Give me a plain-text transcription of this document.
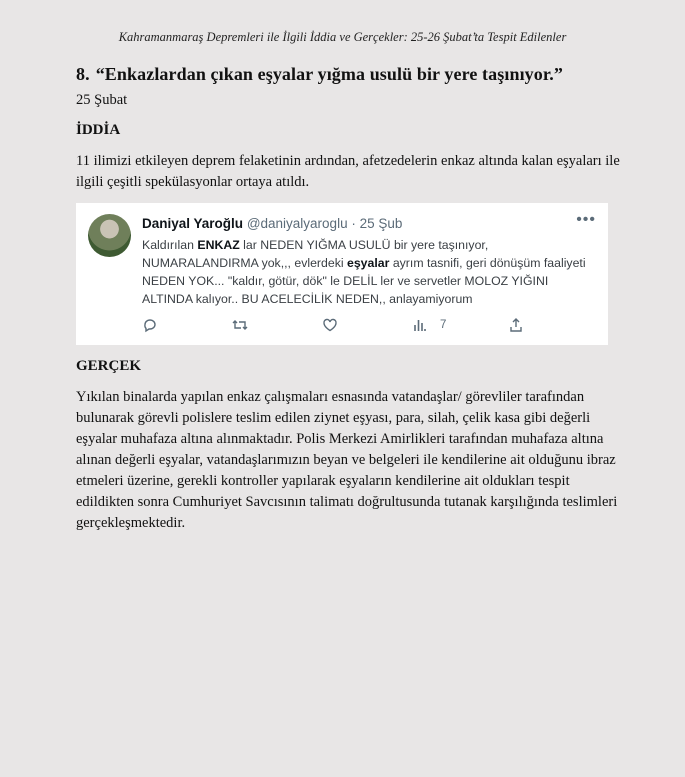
Kahramanmaraş Depremleri ile İlgili İddia ve Gerçekler: 25-26 Şubat’ta Tespit Edilenler
8. “Enkazlardan çıkan eşyalar yığma usulü bir yere taşınıyor.”
25 Şubat
İDDİA
11 ilimizi etkileyen deprem felaketinin ardından, afetzedelerin enkaz altında kalan eşyaları ile ilgili çeşitli spekülasyonlar ortaya atıldı.
Daniyal Yaroğlu @daniyalyaroglu · 25 Şub	•••
Kaldırılan ENKAZ lar NEDEN YIĞMA USULÜ bir yere taşınıyor, NUMARALANDIRMA yok,,, evlerdeki eşyalar ayrım tasnifi, geri dönüşüm faaliyeti NEDEN YOK... "kaldır, götür, dök" le DELİL ler ve servetler MOLOZ YIĞINI ALTINDA kalıyor.. BU ACELECİLİK NEDEN,, anlayamiyorum
7
GERÇEK
Yıkılan binalarda yapılan enkaz çalışmaları esnasında vatandaşlar/ görevliler tarafından bulunarak görevli polislere teslim edilen ziynet eşyası, para, silah, çelik kasa gibi değerli eşyalar muhafaza altına alınmaktadır. Polis Merkezi Amirlikleri tarafından muhafaza altına alınan değerli eşyalar, vatandaşlarımızın beyan ve belgeleri ile kendilerine ait olduğunu ibraz etmeleri üzerine, gerekli kontroller yapılarak eşyaların kendilerine ait oldukları tespit edildikten sonra Cumhuriyet Savcısının talimatı doğrultusunda tutanak karşılığında teslimleri gerçekleşmektedir.
